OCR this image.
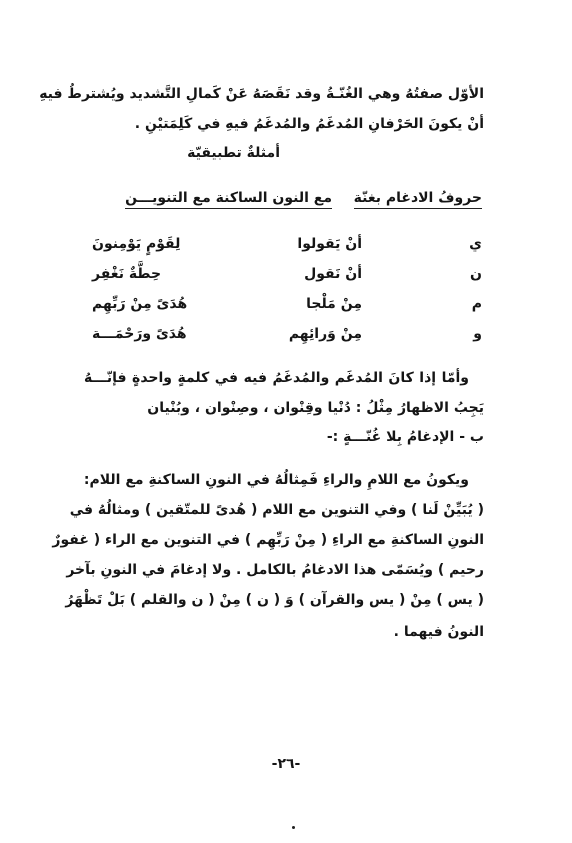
الأوّل صفتُهُ وهي الغُنّـةُ وقد نَقَصَهُ عَنْ كَمالِ التَّشديد ويُشترطُ فيهِ
أنْ يكونَ الحَرْفانِ المُدغَمُ والمُدغَمُ فيهِ في كَلِمَتيْنِ .
أمثلةٌ تطبيقيّة
حروفُ الادغام بغنّة
مع النون الساكنة مع التنويـــن
ي
أنْ يَقولوا
لِقَوْمٍ يَوْمِنونَ
ن
أنْ نَقول
حِطَّةٌ نَغْفِر
م
مِنْ مَلْجا
هُدَىً مِنْ رَبِّهِم
و
مِنْ وَرائِهِم
هُدَىً ورَحْمَـــة
وأمّا إذا كانَ المُدغَم والمُدغَمُ فيه في كلمةٍ واحدةٍ فإنّـــهُ
يَجِبُ الاظهارُ مِثْلُ : دُنْيا وقِنْوان ، وصِنْوان ، وبُنْيان
ب - الإدغامُ بِلا غُنّـــةٍ :-
ويكونُ مع اللامِ والراءِ فَمِثالُهُ في النونِ الساكنةِ مع اللام:
( يُبَيِّنْ لَنا ) وفي التنوين مع اللام ( هُدىً للمتّقين ) ومثالُهُ في
النونِ الساكنةِ مع الراءِ ( مِنْ رَبِّهِم ) في التنوين مع الراء ( غفورٌ
رحيم ) ويُسَمّى هذا الادغامُ بالكامل . ولا إدغامَ في النونِ بآخر
( يس ) مِنْ ( يس والقرآن ) وَ ( ن ) مِنْ ( ن والقلم ) بَلْ تَظْهَرُ
النونُ فيهما .
-٢٦-
